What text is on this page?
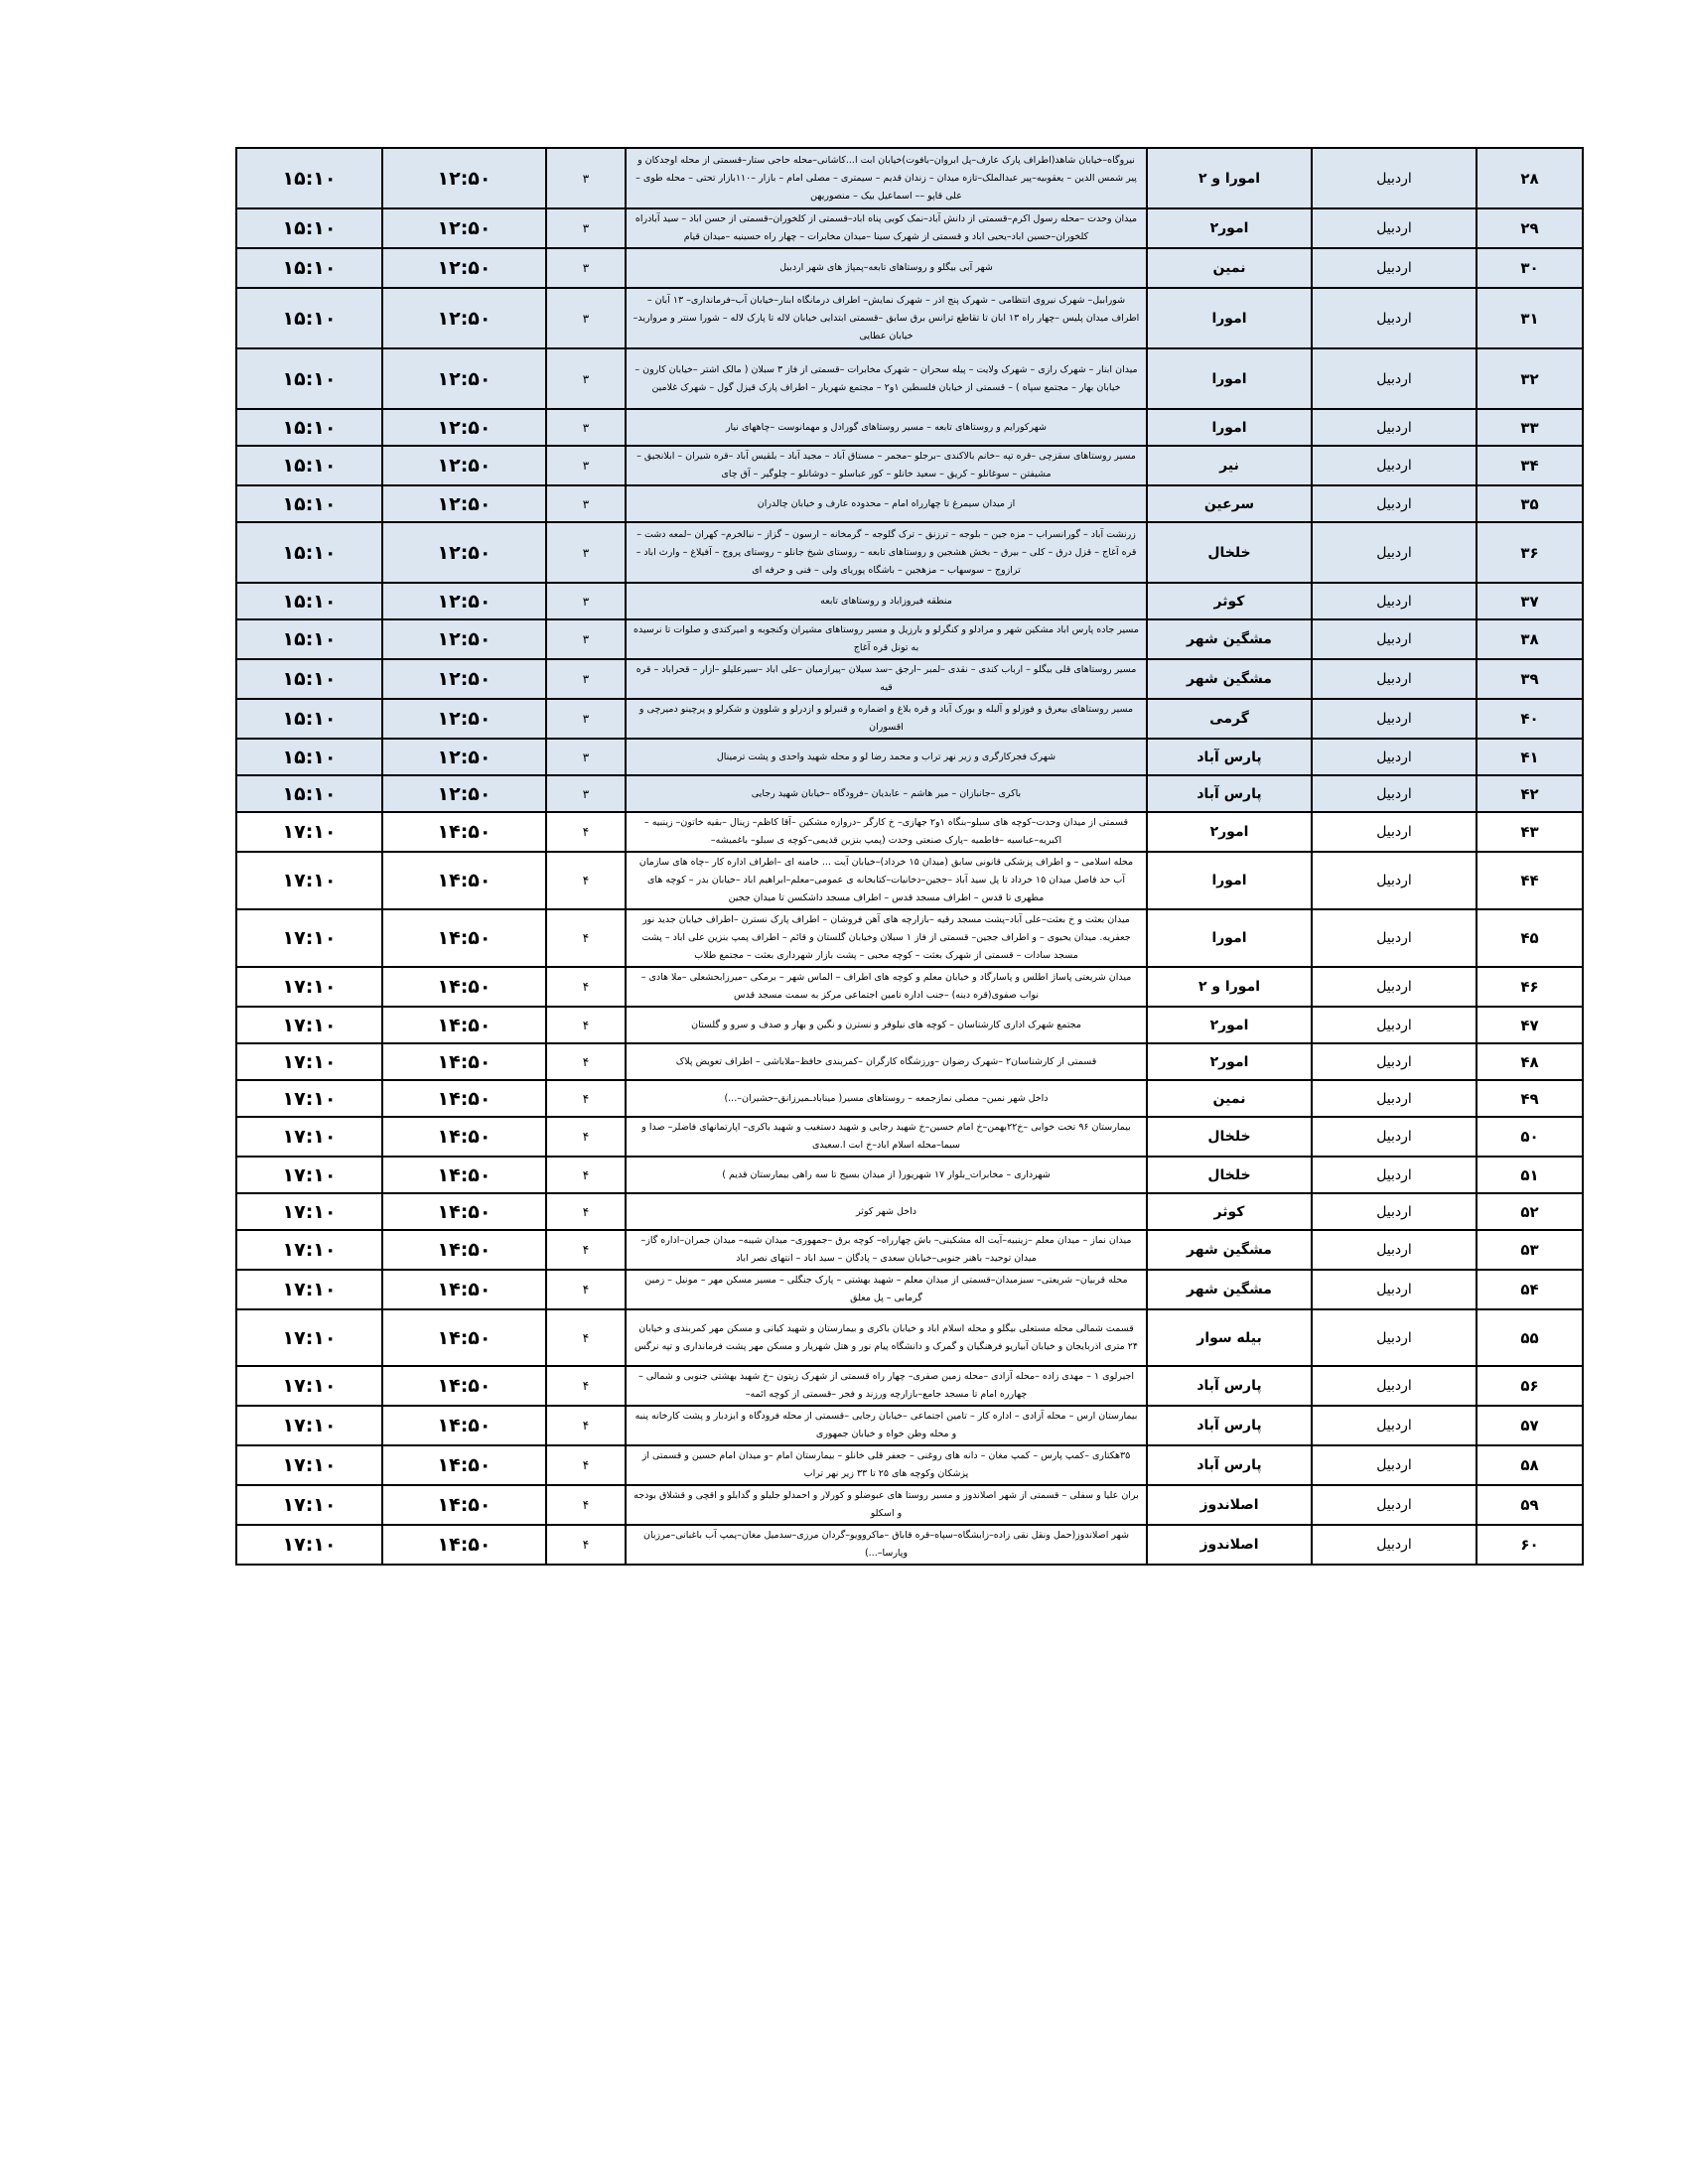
۲۸	اردبیل	امورا و ۲	نیروگاه–خیابان شاهد(اطراف پارک عارف–پل ابروان–بافوت)خیابان ابت ا...کاشانی–محله حاجی ستار–قسمتی از محله اوجدکان و پیر شمس الدین – یعقوبیه–پیر عبدالملک–تازه میدان – زندان قدیم – سیمتری – مصلی امام – بازار –۱۱۰بازار تحتی – محله طوی – علی قاپو –– اسماعیل بیک – منصوریهن	۳	۱۲:۵۰	۱۵:۱۰
۲۹	اردبیل	امور۲	میدان وحدت –محله رسول اکرم–قسمتی از دانش آباد–نمک کوبی پناه اباد–قسمتی از کلخوران–قسمتی از حسن اباد – سید آبادراه کلخوران–حسین اباد–یحیی اباد و قسمتی از شهرک سینا –میدان مخابرات – چهار راه حسینیه –میدان قیام	۳	۱۲:۵۰	۱۵:۱۰
۳۰	اردبیل	نمین	شهر آبی بیگلو و روستاهای تابعه–پمپاژ های شهر اردبیل	۳	۱۲:۵۰	۱۵:۱۰
۳۱	اردبیل	امورا	شورابیل– شهرک نیروی انتظامی – شهرک پنج اذر – شهرک نمایش– اطراف درمانگاه ابنار–خیابان آب–فرمانداری– ۱۳ آبان – اطراف میدان پلیس –چهار راه ۱۳ ابان تا تقاطع ترانس برق سابق –قسمتی ابتدایی خیابان لاله تا پارک لاله – شورا سنتر و مروارید–خیابان عطایی	۳	۱۲:۵۰	۱۵:۱۰
۳۲	اردبیل	امورا	میدان ابنار – شهرک رازی – شهرک ولایت – پیله سحران – شهرک مخابرات –قسمتی از فاز ۳ سبلان ( مالک اشتر –خیابان کارون –خیابان بهار – مجتمع سپاه ) – قسمتی از خیابان فلسطین ۱و۲ – مجتمع شهریار – اطراف پارک قیزل گول – شهرک غلامین	۳	۱۲:۵۰	۱۵:۱۰
۳۳	اردبیل	امورا	شهرکورایم و روستاهای تابعه – مسیر روستاهای گورادل و مهمانوست –چاههای نیار	۳	۱۲:۵۰	۱۵:۱۰
۳۴	اردبیل	نیر	مسیر روستاهای سقزچی –قره تپه –خانم بالاکندی –برجلو –مجمر – مستاق آباد – مجید آباد – بلقیس آباد –قره شیران – ابلانجیق – مشیفتن – سوغانلو – کریق – سعید خانلو – کور عباسلو – دوشانلو – چلوگیر – آق چای	۳	۱۲:۵۰	۱۵:۱۰
۳۵	اردبیل	سرعین	از میدان سیمرغ تا چهارراه امام – محدوده عارف و خیابان چالدران	۳	۱۲:۵۰	۱۵:۱۰
۳۶	اردبیل	خلخال	زرنشت آباد – گورانسراب – مزه جین – بلوجه – ترزنق – ترک گلوجه – گرمخانه – ارسون – گزاز – نبالخرم– کهران –لمعه دشت –قره آغاج – قزل درق – کلی – بیرق – بخش هشجین و روستاهای تابعه – روستای شیخ جانلو – روستای پروج – آفیلاغ – وارث اباد – ترازوج – سوسهاب – مزهجین – باشگاه پوریای ولی – فنی و حرفه ای	۳	۱۲:۵۰	۱۵:۱۰
۳۷	اردبیل	کوثر	منطقه فیروزاباد و روستاهای تابعه	۳	۱۲:۵۰	۱۵:۱۰
۳۸	اردبیل	مشگین شهر	مسیر جاده پارس اباد مشکین شهر و مرادلو و کنگرلو و بارزیل و مسیر روستاهای مشیران وکنجوبه و امیرکندی و صلوات تا نرسیده به تونل قره آغاج	۳	۱۲:۵۰	۱۵:۱۰
۳۹	اردبیل	مشگین شهر	مسیر روستاهای قلی بیگلو – ارباب کندی – نقدی –لمبر –ارجق –سد سیلان –پیرازمیان –علی اباد –سیرعلیلو –ازار – قحراباد – قره قیه	۳	۱۲:۵۰	۱۵:۱۰
۴۰	اردبیل	گرمی	مسیر روستاهای بیعرق و فوزلو و آلبله و بورک آباد و قره بلاغ و اضماره و قنبرلو و ازدرلو و شلوون و شکرلو و پرچینو دمیرچی و اقسوران	۳	۱۲:۵۰	۱۵:۱۰
۴۱	اردبیل	پارس آباد	شهرک فجرکارگری و زیر نهر تراب و محمد رضا لو و محله شهید واحدی و پشت ترمینال	۳	۱۲:۵۰	۱۵:۱۰
۴۲	اردبیل	پارس آباد	باکری –جانبازان – میر هاشم – عابدیان –فرودگاه –خیابان شهید رجایی	۳	۱۲:۵۰	۱۵:۱۰
۴۳	اردبیل	امور۲	قسمتی از میدان وحدت–کوچه های سبلو–بنگاه ۱و۲ جهازی– خ کارگر –دروازه مشکین –آقا کاظم– زینال –بقیه خاتون– زینبیه –اکبریه–عباسیه –فاطمیه –پارک صنعتی وحدت (پمپ بنزین قدیمی–کوچه ی سبلو– باغمیشه–	۴	۱۴:۵۰	۱۷:۱۰
۴۴	اردبیل	امورا	محله اسلامی – و اطراف پزشکی قانونی سابق (میدان ۱۵ خرداد)–خیابان آیت ... خامنه ای –اطراف اداره کار –چاه های سازمان آب حد فاصل میدان ۱۵ خرداد تا پل سید آباد –ججین–دخانیات–کتابخانه ی عمومی–معلم–ابراهیم اباد –خیابان بدر – کوچه های مطهری تا قدس – اطراف مسجد قدس – اطراف مسجد داشکسن تا میدان ججین	۴	۱۴:۵۰	۱۷:۱۰
۴۵	اردبیل	امورا	میدان بعثت و خ بعثت–علی آباد–پشت مسجد رقیه –بازارچه های آهن فروشان – اطراف پارک نسترن –اطراف خیابان جدید نور جعفریه. میدان یحیوی – و اطراف ججین– قسمتی از فاز ۱ سبلان وخیابان گلستان و قائم – اطراف پمپ بنزین علی اباد – پشت مسجد سادات – قسمتی از شهرک بعثت – کوچه محبی – پشت بازار شهرداری بعثت – مجتمع طلاب	۴	۱۴:۵۰	۱۷:۱۰
۴۶	اردبیل	امورا و ۲	میدان شریعتی پاساژ اطلس و پاسارگاد و خیابان معلم و کوچه های اطراف – الماس شهر – برمکی –میرزابحشعلی –ملا هادی – نواب صفوی(قره دبنه) –جنب اداره تامین اجتماعی مرکز به سمت مسجد قدس	۴	۱۴:۵۰	۱۷:۱۰
۴۷	اردبیل	امور۲	مجتمع شهرک اداری کارشناسان – کوچه های نیلوفر و نسترن و نگین و بهار و صدف و سرو و گلستان	۴	۱۴:۵۰	۱۷:۱۰
۴۸	اردبیل	امور۲	قسمتی از کارشناسان۲ –شهرک رضوان –ورزشگاه کارگران –کمربندی حافظ–ملاباشی – اطراف تعویض پلاک	۴	۱۴:۵۰	۱۷:۱۰
۴۹	اردبیل	نمین	داخل شهر نمین– مصلی نمازجمعه – روستاهای مسیر( مینابادـمیرزانق–حشیران–...)	۴	۱۴:۵۰	۱۷:۱۰
۵۰	اردبیل	خلخال	بیمارستان ۹۶ تحت خوابی –خ۲۲بهمن–خ امام حسین–خ شهید رجایی و شهید دستغیب و شهید باکری– اپارتمانهای فاضلر– صدا و سیما–محله اسلام اباد–خ ابت ا.سعیدی	۴	۱۴:۵۰	۱۷:۱۰
۵۱	اردبیل	خلخال	شهرداری – مخابرات_بلوار ۱۷ شهریور( از میدان بسیج تا سه راهی بیمارستان قدیم )	۴	۱۴:۵۰	۱۷:۱۰
۵۲	اردبیل	کوثر	داخل شهر کوثر	۴	۱۴:۵۰	۱۷:۱۰
۵۳	اردبیل	مشگین شهر	میدان نماز – میدان معلم –زینبیه–آیت اله مشکینی– باش چهارراه– کوچه برق –جمهوری– میدان شیبه– میدان جمران–اداره گاز– میدان توحید– باهنر جنوبی–خیابان سعدی – پادگان – سید اباد – انتهای نصر اباد	۴	۱۴:۵۰	۱۷:۱۰
۵۴	اردبیل	مشگین شهر	محله قربیان– شریعتی– سبزمیدان–قسمتی از میدان معلم – شهید بهشتی – پارک جنگلی – مسیر مسکن مهر – مونیل – زمین گرمابی – پل معلق	۴	۱۴:۵۰	۱۷:۱۰
۵۵	اردبیل	بیله سوار	قسمت شمالی محله مستعلی بیگلو و محله اسلام اباد و خیابان باکری و بیمارستان و شهید کیانی و مسکن مهر کمربندی و خیابان ۲۴ متری اذربایجان و خیابان آبیاریو فرهنگیان و گمرک و دانشگاه پیام نور و هتل شهریار و مسکن مهر پشت فرمانداری و تپه نرگس	۴	۱۴:۵۰	۱۷:۱۰
۵۶	اردبیل	پارس آباد	اجیرلوی ۱ – مهدی زاده –محله آزادی –محله زمین صفری– چهار راه قسمتی از شهرک زیتون –خ شهید بهشتی جنوبی و شمالی – چهارره امام تا مسجد جامع–بازارچه ورزند و فجر –قسمتی از کوچه ائمه–	۴	۱۴:۵۰	۱۷:۱۰
۵۷	اردبیل	پارس آباد	بیمارستان ارس – محله آزادی – اداره کار – تامین اجتماعی –خیابان رجایی –قسمتی از محله فرودگاه و ابزدبار و پشت کارخانه پنبه و محله وطن خواه و خیابان جمهوری	۴	۱۴:۵۰	۱۷:۱۰
۵۸	اردبیل	پارس آباد	۳۵هکتاری –کمپ پارس – کمپ مغان – دانه های روغنی – جعفر قلی خانلو – بیمارستان امام –و میدان امام حسین و قسمتی از پزشکان وکوچه های ۲۵ تا ۳۳ زیر نهر تراب	۴	۱۴:۵۰	۱۷:۱۰
۵۹	اردبیل	اصلاندوز	بران علیا و سفلی – قسمتی از شهر اصلاندوز و مسیر روستا های عبوضلو و کورلار و احمدلو جلیلو و گدابلو و اقچی و قشلاق بودجه و اسکلو	۴	۱۴:۵۰	۱۷:۱۰
۶۰	اردبیل	اصلاندوز	شهر اصلاندوز(حمل ونقل نقی زاده–زابشگاه–سپاه–قره قاباق –ماکروویو–گردان مرزی–سدمیل مغان–پمپ آب باغبانی–مرزبان وپارسا–...)	۴	۱۴:۵۰	۱۷:۱۰
